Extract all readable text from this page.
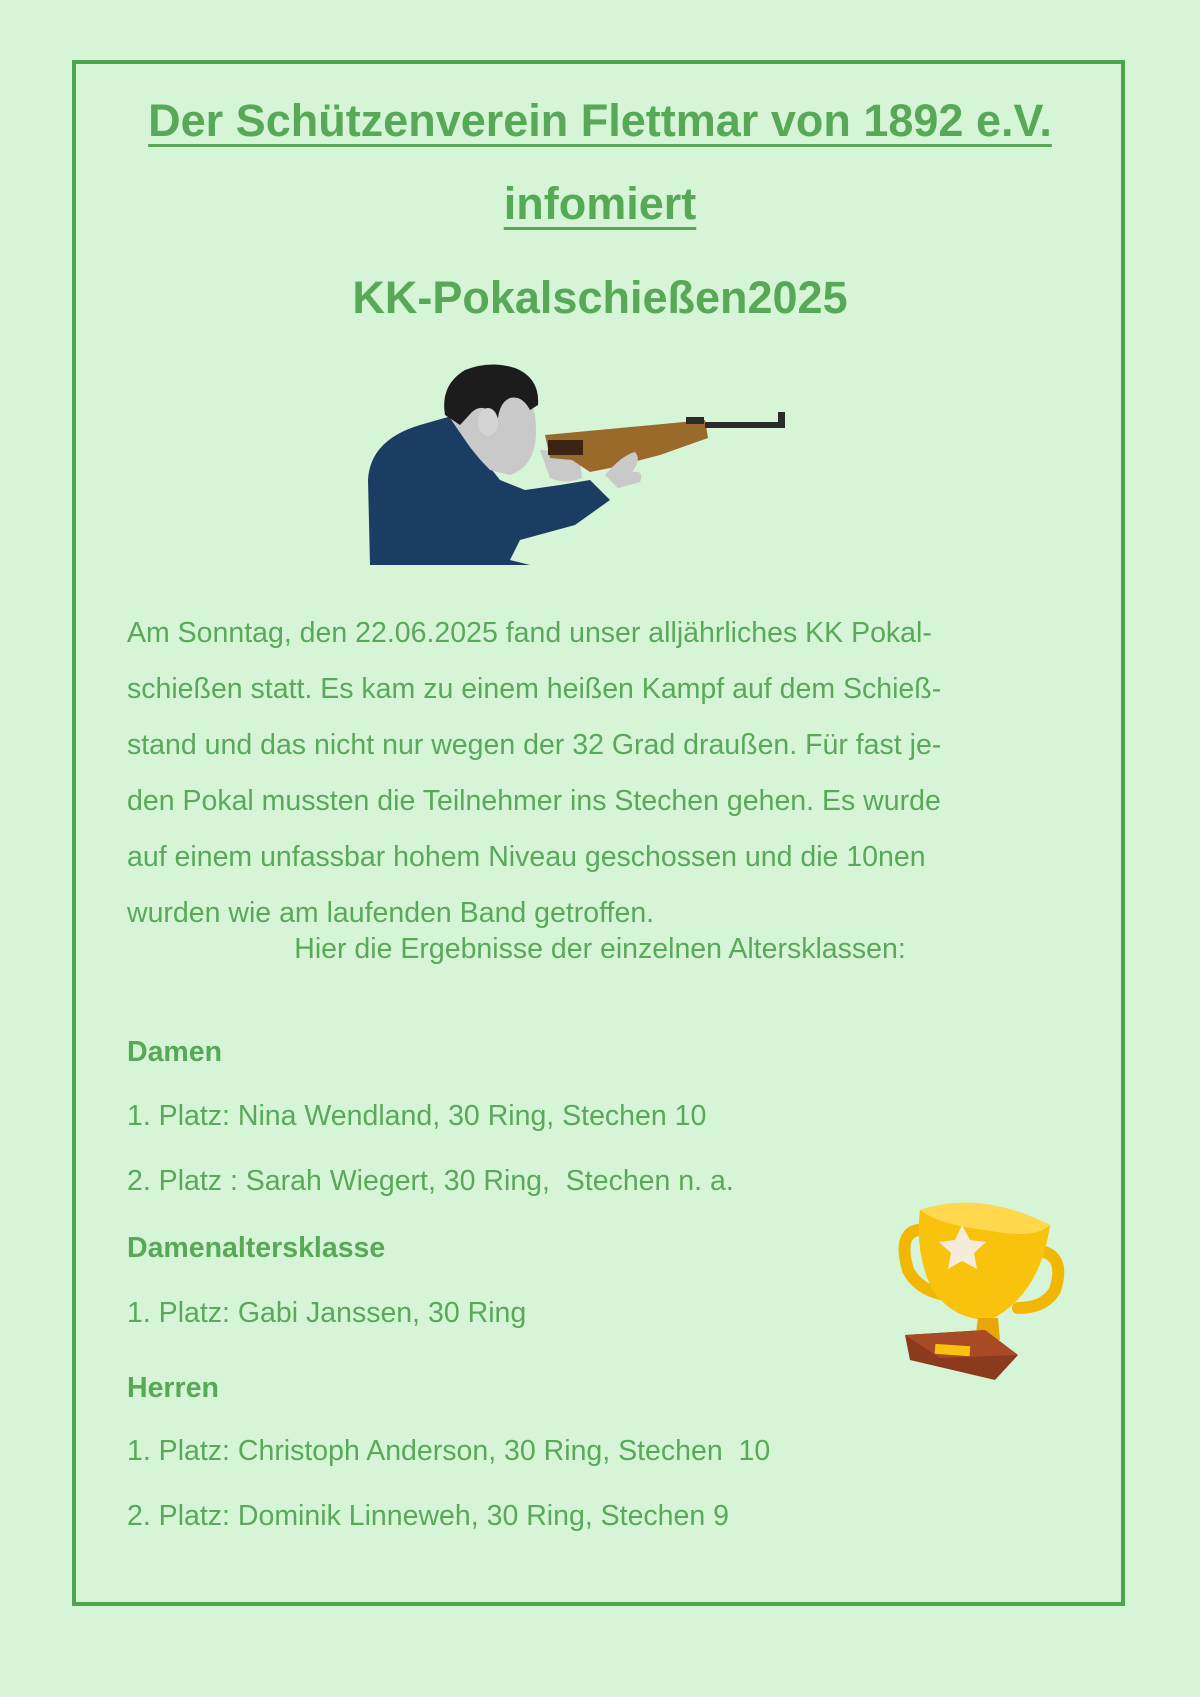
Der Schützenverein Flettmar von 1892 e.V.
infomiert
KK-Pokalschießen2025
Am Sonntag, den 22.06.2025 fand unser alljährliches KK Pokal-
schießen statt. Es kam zu einem heißen Kampf auf dem Schieß-
stand und das nicht nur wegen der 32 Grad draußen. Für fast je-
den Pokal mussten die Teilnehmer ins Stechen gehen. Es wurde
auf einem unfassbar hohem Niveau geschossen und die 10nen
wurden wie am laufenden Band getroffen.

Hier die Ergebnisse der einzelnen Altersklassen:

Damen

1. Platz: Nina Wendland, 30 Ring, Stechen 10

2. Platz : Sarah Wiegert, 30 Ring,  Stechen n. a.

Damenaltersklasse

1. Platz: Gabi Janssen, 30 Ring

Herren

1. Platz: Christoph Anderson, 30 Ring, Stechen  10

2. Platz: Dominik Linneweh, 30 Ring, Stechen 9
